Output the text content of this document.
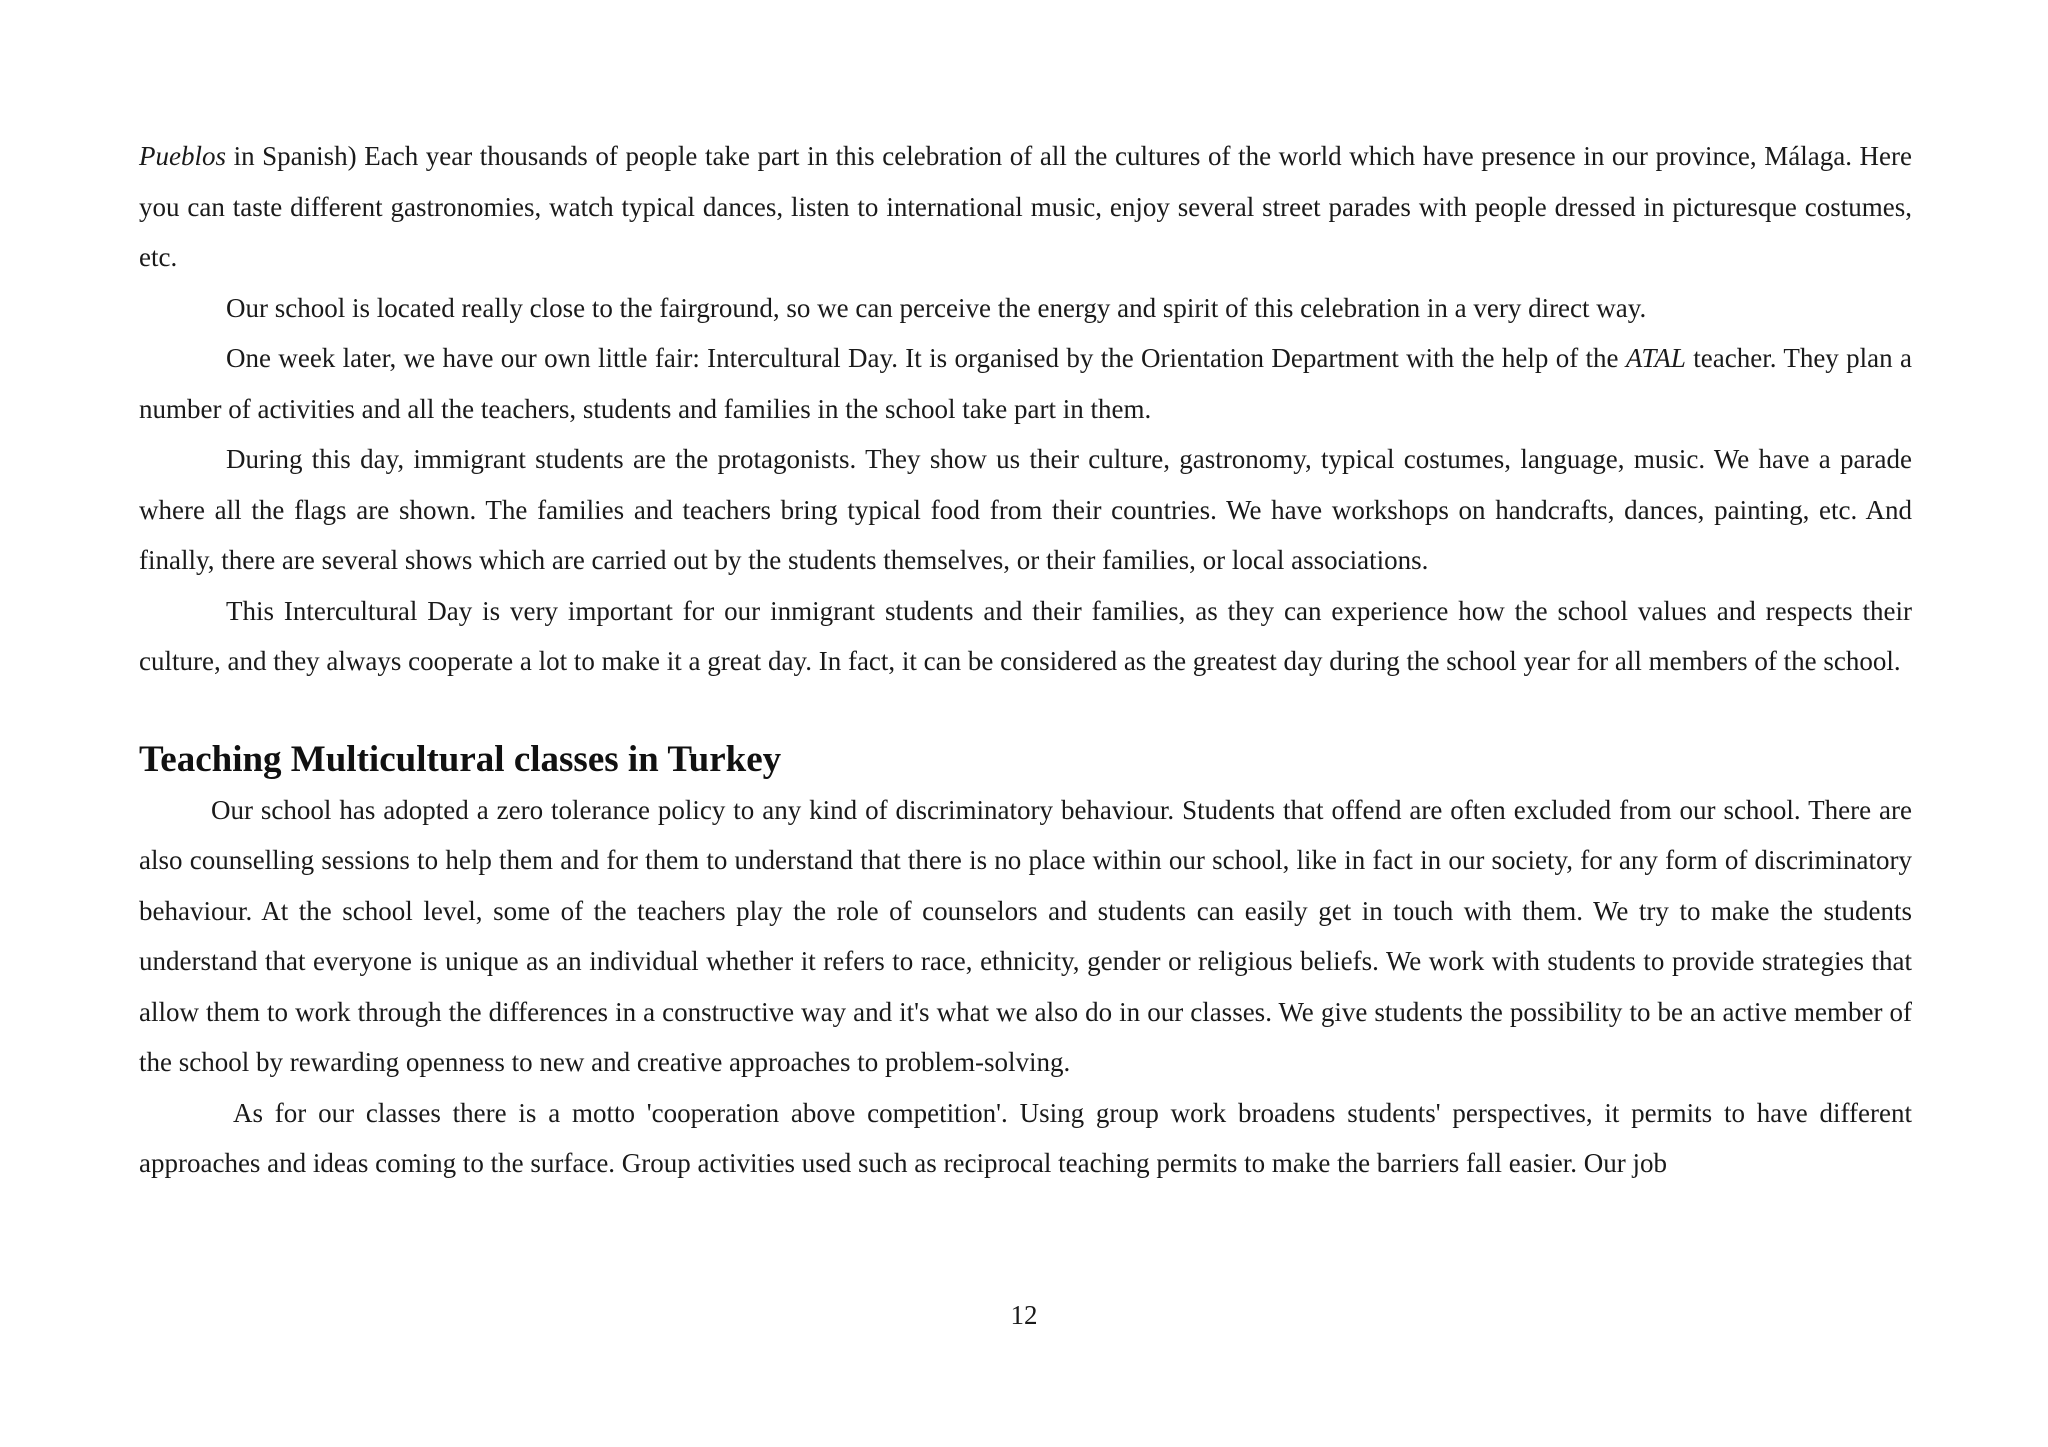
Pueblos in Spanish) Each year thousands of people take part in this celebration of all the cultures of the world which have presence in our province, Málaga. Here you can taste different gastronomies, watch typical dances, listen to international music, enjoy several street parades with people dressed in picturesque costumes, etc.

Our school is located really close to the fairground, so we can perceive the energy and spirit of this celebration in a very direct way.

One week later, we have our own little fair: Intercultural Day. It is organised by the Orientation Department with the help of the ATAL teacher. They plan a number of activities and all the teachers, students and families in the school take part in them.

During this day, immigrant students are the protagonists. They show us their culture, gastronomy, typical costumes, language, music. We have a parade where all the flags are shown. The families and teachers bring typical food from their countries. We have workshops on handcrafts, dances, painting, etc. And finally, there are several shows which are carried out by the students themselves, or their families, or local associations.

This Intercultural Day is very important for our inmigrant students and their families, as they can experience how the school values and respects their culture, and they always cooperate a lot to make it a great day. In fact, it can be considered as the greatest day during the school year for all members of the school.

Teaching Multicultural classes in Turkey

Our school has adopted a zero tolerance policy to any kind of discriminatory behaviour. Students that offend are often excluded from our school. There are also counselling sessions to help them and for them to understand that there is no place within our school, like in fact in our society, for any form of discriminatory behaviour. At the school level, some of the teachers play the role of counselors and students can easily get in touch with them. We try to make the students understand that everyone is unique as an individual whether it refers to race, ethnicity, gender or religious beliefs. We work with students to provide strategies that allow them to work through the differences in a constructive way and it's what we also do in our classes. We give students the possibility to be an active member of the school by rewarding openness to new and creative approaches to problem-solving.

As for our classes there is a motto 'cooperation above competition'. Using group work broadens students' perspectives, it permits to have different approaches and ideas coming to the surface. Group activities used such as reciprocal teaching permits to make the barriers fall easier. Our job

12
